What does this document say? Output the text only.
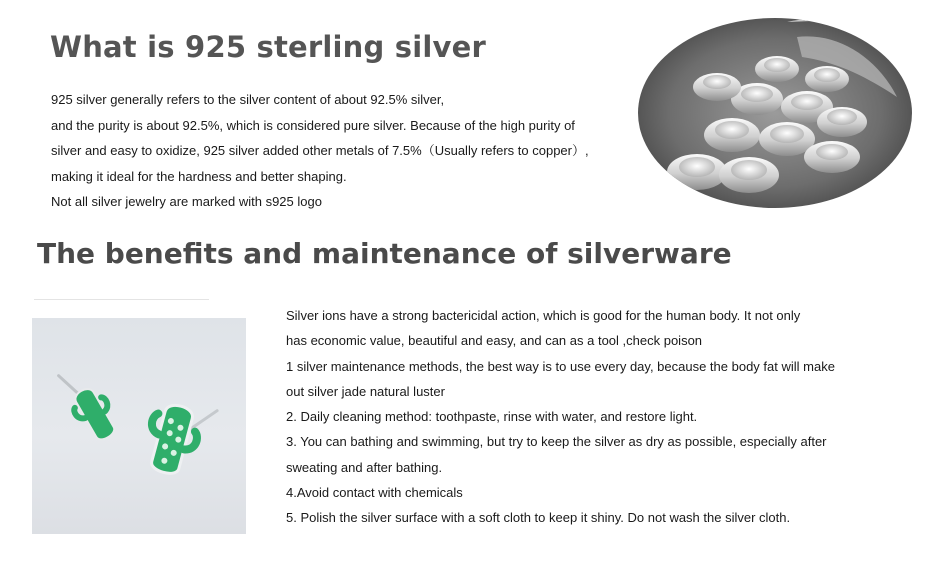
What is 925 sterling silver
925 silver generally refers to the silver content of about 92.5% silver,
and the purity is about 92.5%, which is considered pure silver. Because of the high purity of
silver and easy to oxidize, 925 silver added other metals of 7.5%（Usually refers to copper）,
making it ideal for the hardness and better shaping.
Not all silver jewelry are marked with s925 logo
The benefits and maintenance of silverware
Silver ions have a strong bactericidal action, which is good for the human body. It not only
has economic value, beautiful and easy, and can as a tool ,check poison
1 silver maintenance methods, the best way is to use every day, because the body fat will make
out silver jade natural luster
2. Daily cleaning method: toothpaste, rinse with water, and restore light.
3. You can bathing and swimming, but try to keep the silver as dry as possible, especially after
sweating and after bathing.
4.Avoid contact with chemicals
5. Polish the silver surface with a soft cloth to keep it shiny. Do not wash the silver cloth.
